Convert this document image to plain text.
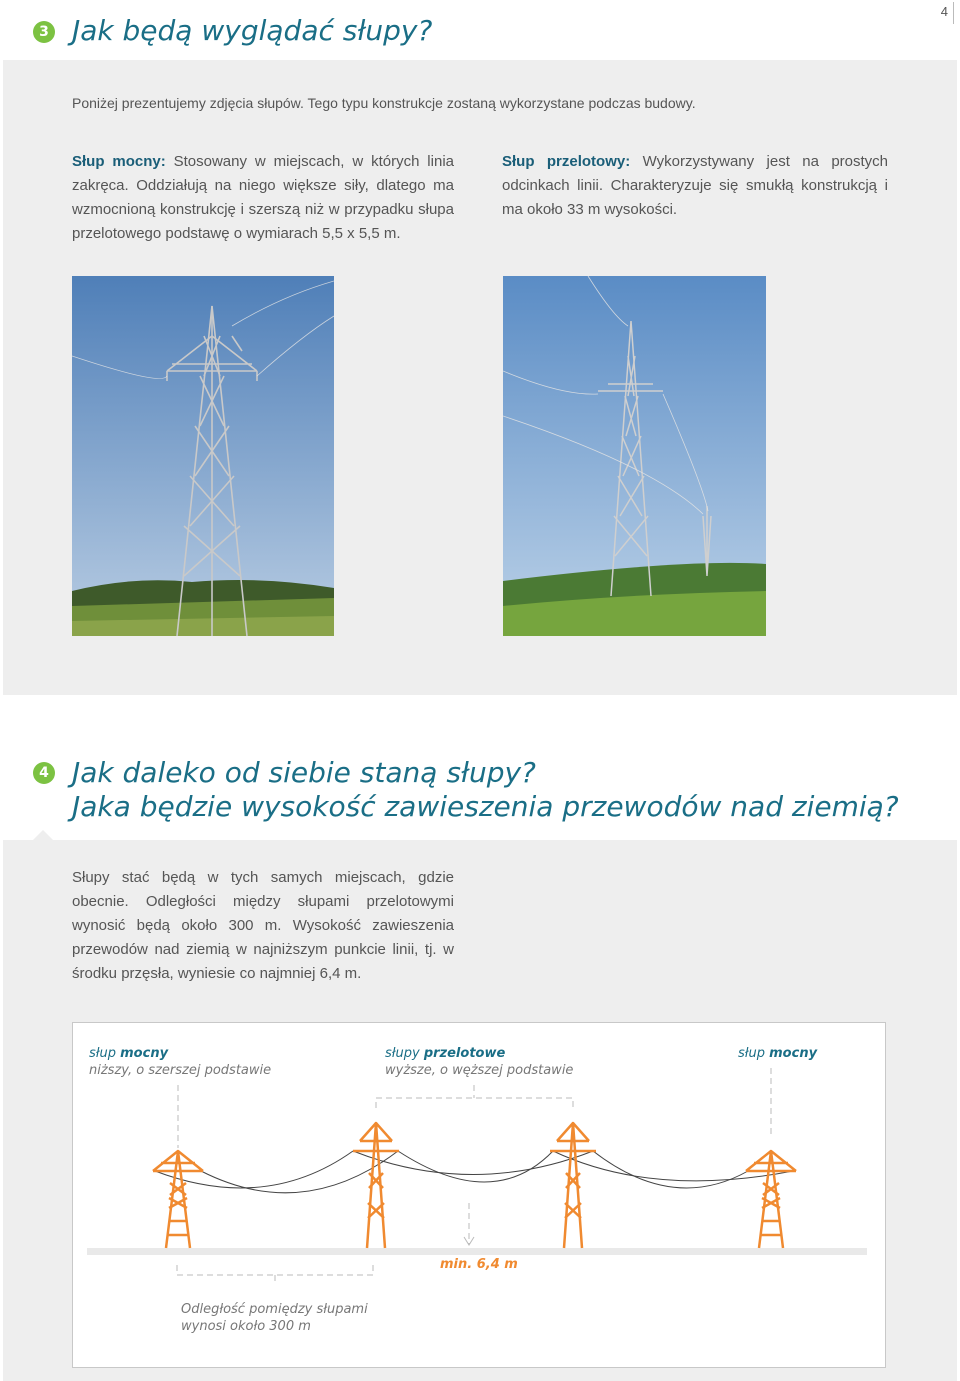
4
3 Jak będą wyglądać słupy?
Poniżej prezentujemy zdjęcia słupów. Tego typu konstrukcje zostaną wykorzystane podczas budowy.
Słup mocny: Stosowany w miejscach, w których linia zakręca. Oddziałują na niego większe siły, dlatego ma wzmocnioną konstrukcję i szerszą niż w przypadku słupa przelotowego podstawę o wymiarach 5,5 x 5,5 m.
Słup przelotowy: Wykorzystywany jest na prostych odcinkach linii. Charakteryzuje się smukłą konstrukcją i ma około 33 m wysokości.
4 Jak daleko od siebie staną słupy?
Jaka będzie wysokość zawieszenia przewodów nad ziemią?
Słupy stać będą w tych samych miejscach, gdzie obecnie. Odległości między słupami przelotowymi wynosić będą około 300 m. Wysokość zawieszenia przewodów nad ziemią w najniższym punkcie linii, tj. w środku przęsła, wyniesie co najmniej 6,4 m.
słup mocny
niższy, o szerszej podstawie
słupy przelotowe
wyższe, o węższej podstawie
słup mocny
min. 6,4 m
Odległość pomiędzy słupami
wynosi około 300 m
